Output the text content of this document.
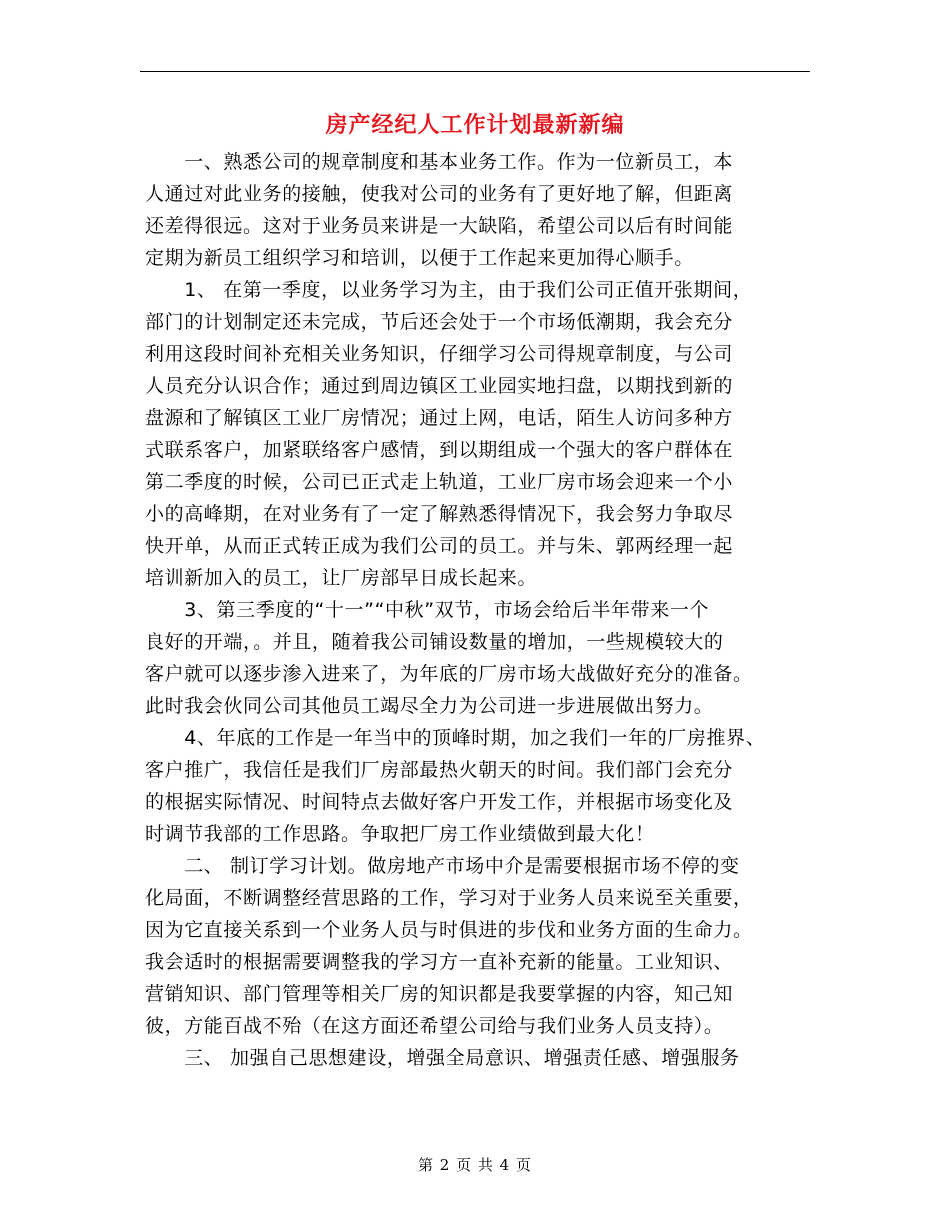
房产经纪人工作计划最新新编
　　一、熟悉公司的规章制度和基本业务工作。作为一位新员工，本
人通过对此业务的接触，使我对公司的业务有了更好地了解，但距离
还差得很远。这对于业务员来讲是一大缺陷，希望公司以后有时间能
定期为新员工组织学习和培训，以便于工作起来更加得心顺手。
　　1、 在第一季度，以业务学习为主，由于我们公司正值开张期间，
部门的计划制定还未完成，节后还会处于一个市场低潮期，我会充分
利用这段时间补充相关业务知识，仔细学习公司得规章制度，与公司
人员充分认识合作；通过到周边镇区工业园实地扫盘，以期找到新的
盘源和了解镇区工业厂房情况；通过上网，电话，陌生人访问多种方
式联系客户，加紧联络客户感情，到以期组成一个强大的客户群体在
第二季度的时候，公司已正式走上轨道，工业厂房市场会迎来一个小
小的高峰期，在对业务有了一定了解熟悉得情况下，我会努力争取尽
快开单，从而正式转正成为我们公司的员工。并与朱、郭两经理一起
培训新加入的员工，让厂房部早日成长起来。
　　3、第三季度的“十一”“中秋”双节，市场会给后半年带来一个
良好的开端，。并且，随着我公司铺设数量的增加，一些规模较大的
客户就可以逐步渗入进来了，为年底的厂房市场大战做好充分的准备。
此时我会伙同公司其他员工竭尽全力为公司进一步进展做出努力。
　　4、年底的工作是一年当中的顶峰时期，加之我们一年的厂房推界、
客户推广，我信任是我们厂房部最热火朝天的时间。我们部门会充分
的根据实际情况、时间特点去做好客户开发工作，并根据市场变化及
时调节我部的工作思路。争取把厂房工作业绩做到最大化！
　　二、 制订学习计划。做房地产市场中介是需要根据市场不停的变
化局面，不断调整经营思路的工作，学习对于业务人员来说至关重要，
因为它直接关系到一个业务人员与时俱进的步伐和业务方面的生命力。
我会适时的根据需要调整我的学习方一直补充新的能量。工业知识、
营销知识、部门管理等相关厂房的知识都是我要掌握的内容，知己知
彼，方能百战不殆（在这方面还希望公司给与我们业务人员支持）。
　　三、 加强自己思想建设，增强全局意识、增强责任感、增强服务
第 2 页 共 4 页
